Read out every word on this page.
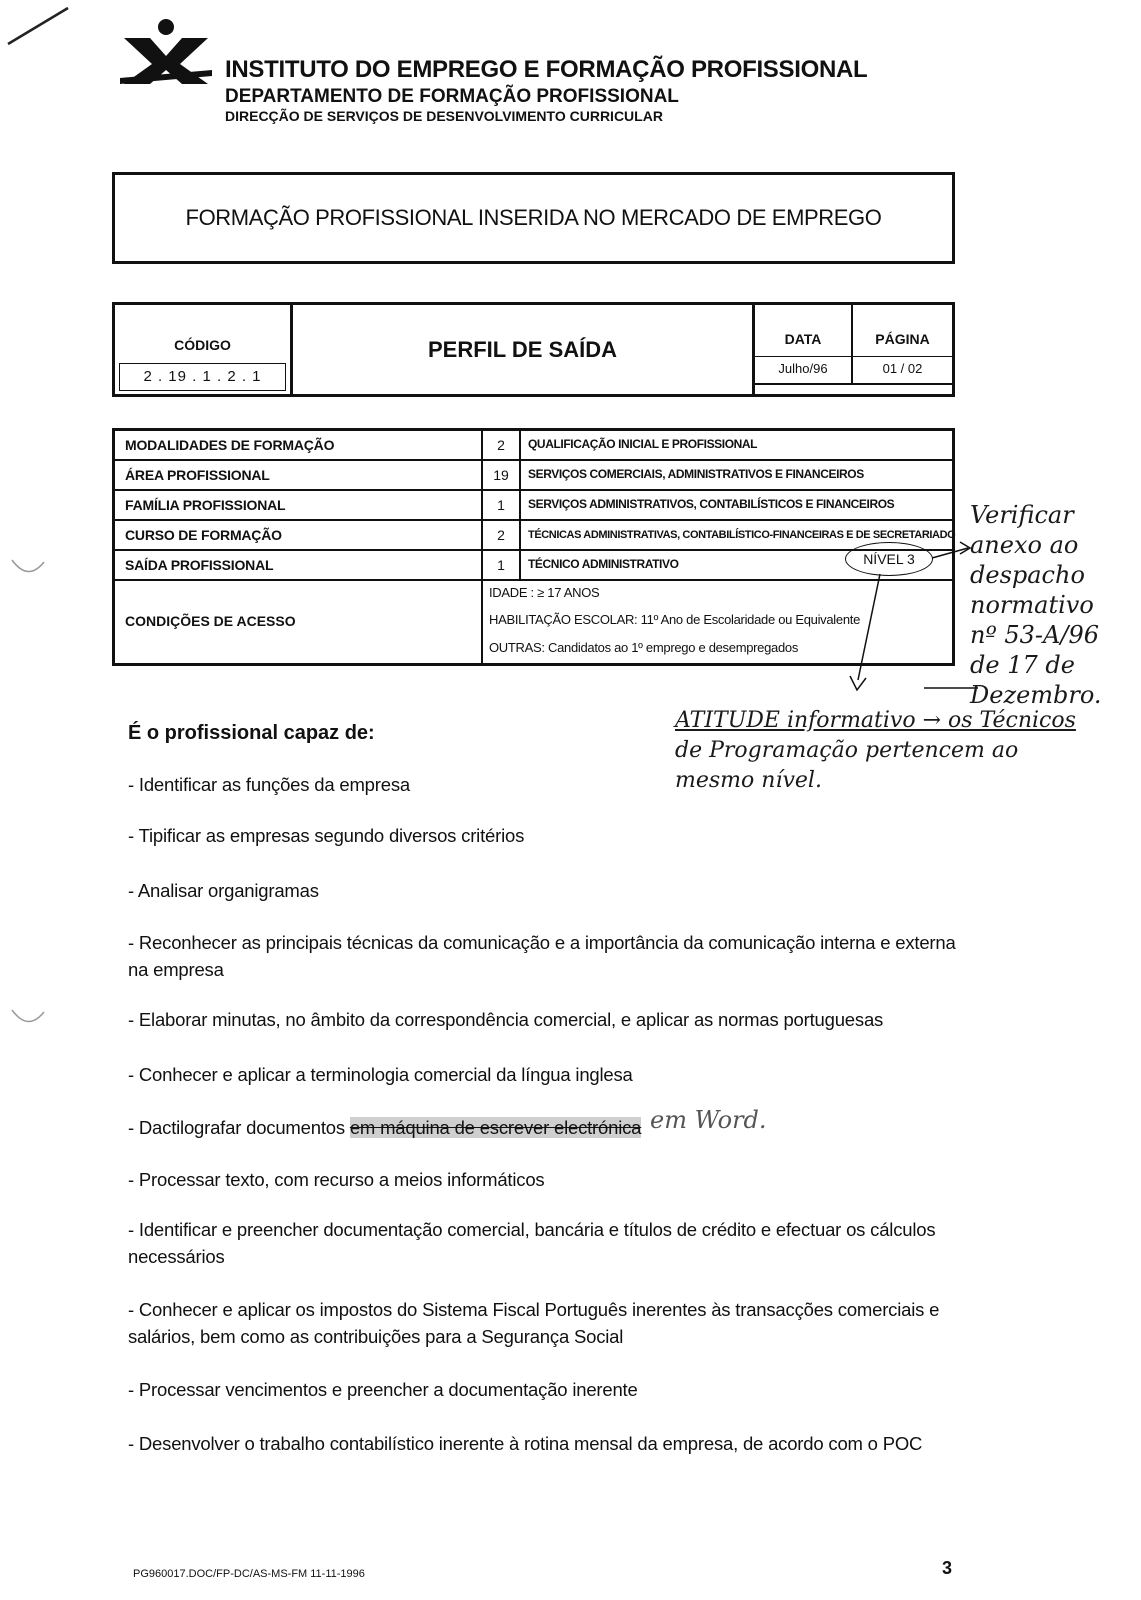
INSTITUTO DO EMPREGO E FORMAÇÃO PROFISSIONAL
DEPARTAMENTO DE FORMAÇÃO PROFISSIONAL
DIRECÇÃO DE SERVIÇOS DE DESENVOLVIMENTO CURRICULAR
FORMAÇÃO PROFISSIONAL INSERIDA NO MERCADO DE EMPREGO
CÓDIGO
2 . 19 . 1 . 2 . 1
PERFIL DE SAÍDA	DATA
Julho/96
PÁGINA
01 / 02
MODALIDADES DE FORMAÇÃO	2	QUALIFICAÇÃO INICIAL E PROFISSIONAL
ÁREA PROFISSIONAL	19	SERVIÇOS COMERCIAIS, ADMINISTRATIVOS E FINANCEIROS
FAMÍLIA PROFISSIONAL	1	SERVIÇOS ADMINISTRATIVOS, CONTABILÍSTICOS E FINANCEIROS
CURSO DE FORMAÇÃO	2	TÉCNICAS ADMINISTRATIVAS, CONTABILÍSTICO-FINANCEIRAS E DE SECRETARIADO
SAÍDA PROFISSIONAL	1	TÉCNICO ADMINISTRATIVO
CONDIÇÕES DE ACESSO
IDADE : ≥ 17 ANOS
HABILITAÇÃO ESCOLAR: 11º Ano de Escolaridade ou Equivalente
OUTRAS: Candidatos ao 1º emprego e desempregados
NÍVEL 3
Verificar
anexo ao
despacho
normativo
nº 53-A/96
de 17 de
Dezembro.
ATITUDE informativo → os Técnicos
de Programação pertencem ao
mesmo nível.
É o profissional capaz de:
- Identificar as funções da empresa
- Tipificar as empresas segundo diversos critérios
- Analisar organigramas
- Reconhecer as principais técnicas da comunicação e a importância da comunicação interna e externa na empresa
- Elaborar minutas, no âmbito da correspondência comercial, e aplicar as normas portuguesas
- Conhecer e aplicar a terminologia comercial da língua inglesa
- Dactilografar documentos em máquina de escrever electrónica em Word.
- Processar texto, com recurso a meios informáticos
- Identificar e preencher documentação comercial, bancária e títulos de crédito e efectuar os cálculos necessários
- Conhecer e aplicar os impostos do Sistema Fiscal Português inerentes às transacções comerciais e salários, bem como as contribuições para a Segurança Social
- Processar vencimentos e preencher a documentação inerente
- Desenvolver o trabalho contabilístico inerente à rotina mensal da empresa, de acordo com o POC
PG960017.DOC/FP-DC/AS-MS-FM 11-11-1996	3
